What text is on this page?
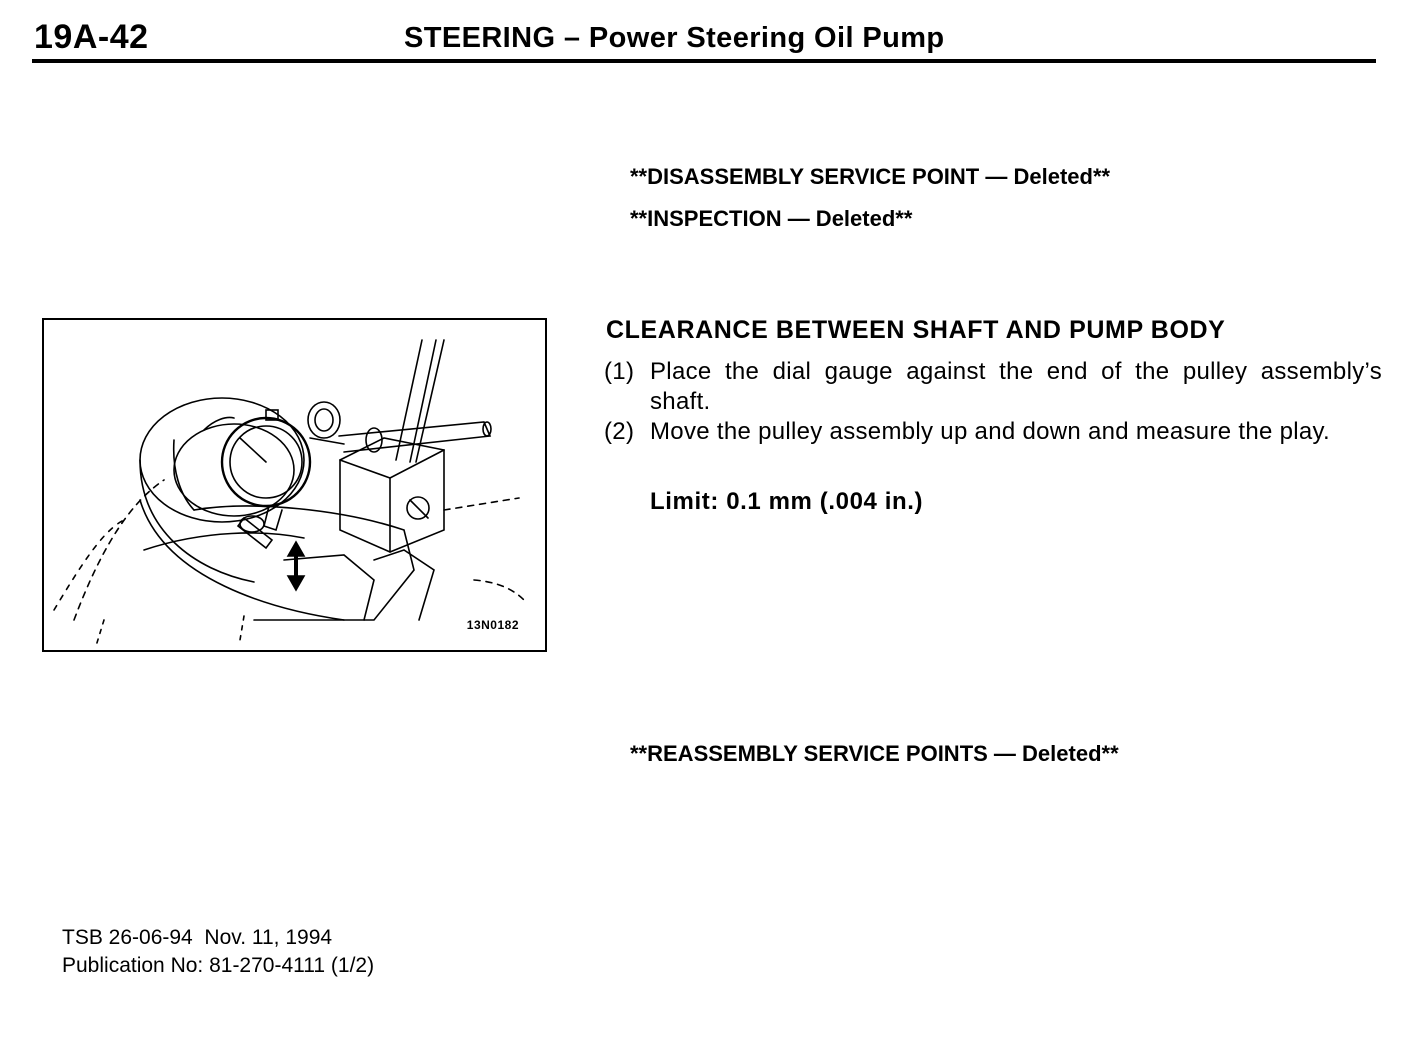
19A-42	STEERING – Power Steering Oil Pump
**DISASSEMBLY SERVICE POINT — Deleted**
**INSPECTION — Deleted**
13N0182
CLEARANCE BETWEEN SHAFT AND PUMP BODY
(1) Place the dial gauge against the end of the pulley assembly’s shaft.
(2) Move the pulley assembly up and down and measure the play.
Limit: 0.1 mm (.004 in.)
**REASSEMBLY SERVICE POINTS — Deleted**
TSB 26-06-94  Nov. 11, 1994
Publication No: 81-270-4111 (1/2)
